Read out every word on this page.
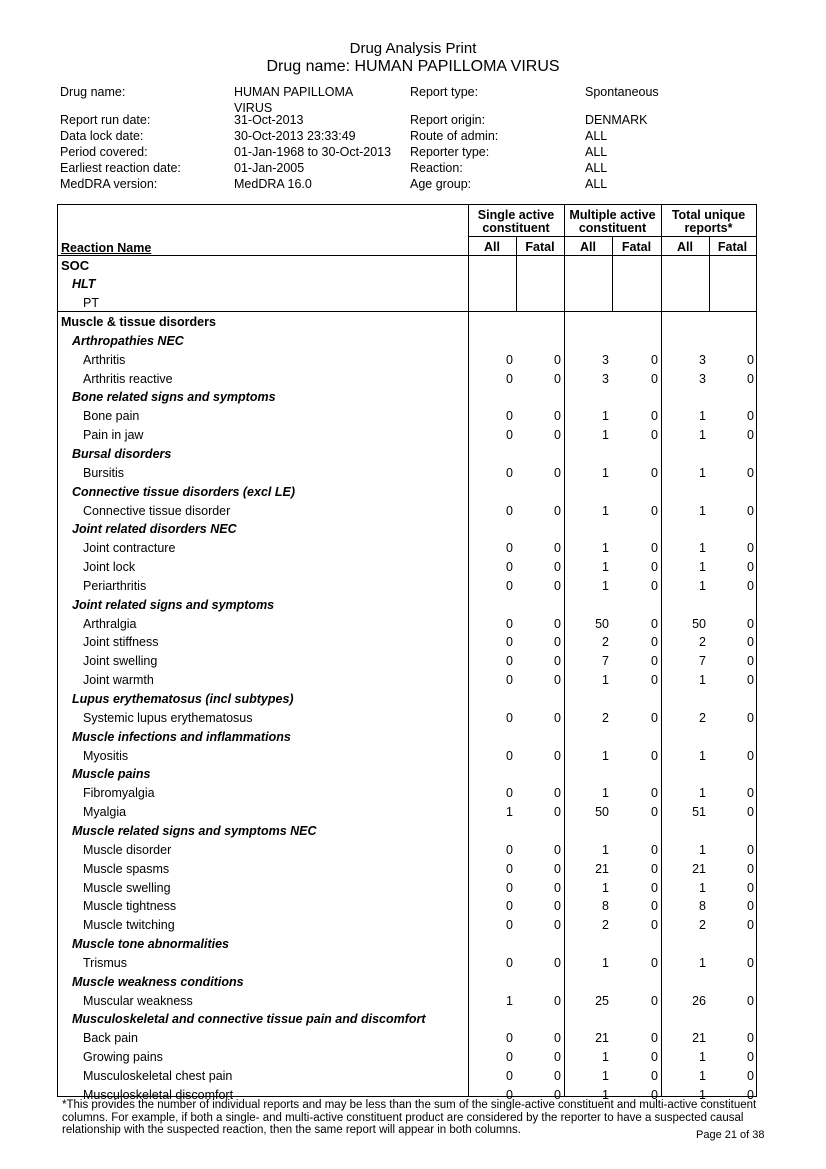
Drug Analysis Print
Drug name: HUMAN PAPILLOMA VIRUS
Drug name:	HUMAN PAPILLOMA VIRUS
Report run date:	31-Oct-2013
Data lock date:	30-Oct-2013 23:33:49
Period covered:	01-Jan-1968 to 30-Oct-2013
Earliest reaction date:	01-Jan-2005
MedDRA version:	MedDRA 16.0
Report type:	Spontaneous
Report origin:	DENMARK
Route of admin:	ALL
Reporter type:	ALL
Reaction:	ALL
Age group:	ALL
Single active constituent
Multiple active constituent
Total unique reports*
Reaction Name	All	Fatal	All	Fatal	All	Fatal
SOC
HLT
PT
Muscle & tissue disorders
Arthropathies NEC
Arthritis	0	0	3	0	3	0
Arthritis reactive	0	0	3	0	3	0
Bone related signs and symptoms
Bone pain	0	0	1	0	1	0
Pain in jaw	0	0	1	0	1	0
Bursal disorders
Bursitis	0	0	1	0	1	0
Connective tissue disorders (excl LE)
Connective tissue disorder	0	0	1	0	1	0
Joint related disorders NEC
Joint contracture	0	0	1	0	1	0
Joint lock	0	0	1	0	1	0
Periarthritis	0	0	1	0	1	0
Joint related signs and symptoms
Arthralgia	0	0	50	0	50	0
Joint stiffness	0	0	2	0	2	0
Joint swelling	0	0	7	0	7	0
Joint warmth	0	0	1	0	1	0
Lupus erythematosus (incl subtypes)
Systemic lupus erythematosus	0	0	2	0	2	0
Muscle infections and inflammations
Myositis	0	0	1	0	1	0
Muscle pains
Fibromyalgia	0	0	1	0	1	0
Myalgia	1	0	50	0	51	0
Muscle related signs and symptoms NEC
Muscle disorder	0	0	1	0	1	0
Muscle spasms	0	0	21	0	21	0
Muscle swelling	0	0	1	0	1	0
Muscle tightness	0	0	8	0	8	0
Muscle twitching	0	0	2	0	2	0
Muscle tone abnormalities
Trismus	0	0	1	0	1	0
Muscle weakness conditions
Muscular weakness	1	0	25	0	26	0
Musculoskeletal and connective tissue pain and discomfort
Back pain	0	0	21	0	21	0
Growing pains	0	0	1	0	1	0
Musculoskeletal chest pain	0	0	1	0	1	0
Musculoskeletal discomfort	0	0	1	0	1	0
*This provides the number of individual reports and may be less than the sum of the single-active constituent and multi-active constituent columns. For example, if both a single- and multi-active constituent product are considered by the reporter to have a suspected causal relationship with the suspected reaction, then the same report will appear in both columns.	Page 21 of 38
